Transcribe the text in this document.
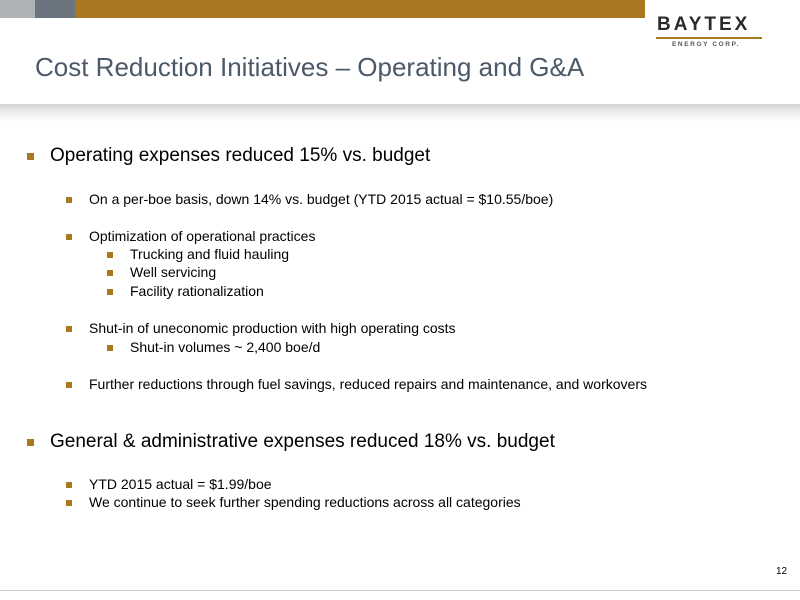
BAYTEX
ENERGY CORP.
Cost Reduction Initiatives – Operating and G&A
Operating expenses reduced 15% vs. budget
On a per-boe basis, down 14% vs. budget (YTD 2015 actual = $10.55/boe)
Optimization of operational practices
Trucking and fluid hauling
Well servicing
Facility rationalization
Shut-in of uneconomic production with high operating costs
Shut-in volumes ~ 2,400 boe/d
Further reductions through fuel savings, reduced repairs and maintenance, and workovers
General & administrative expenses reduced 18% vs. budget
YTD 2015 actual = $1.99/boe
We continue to seek further spending reductions across all categories
12
